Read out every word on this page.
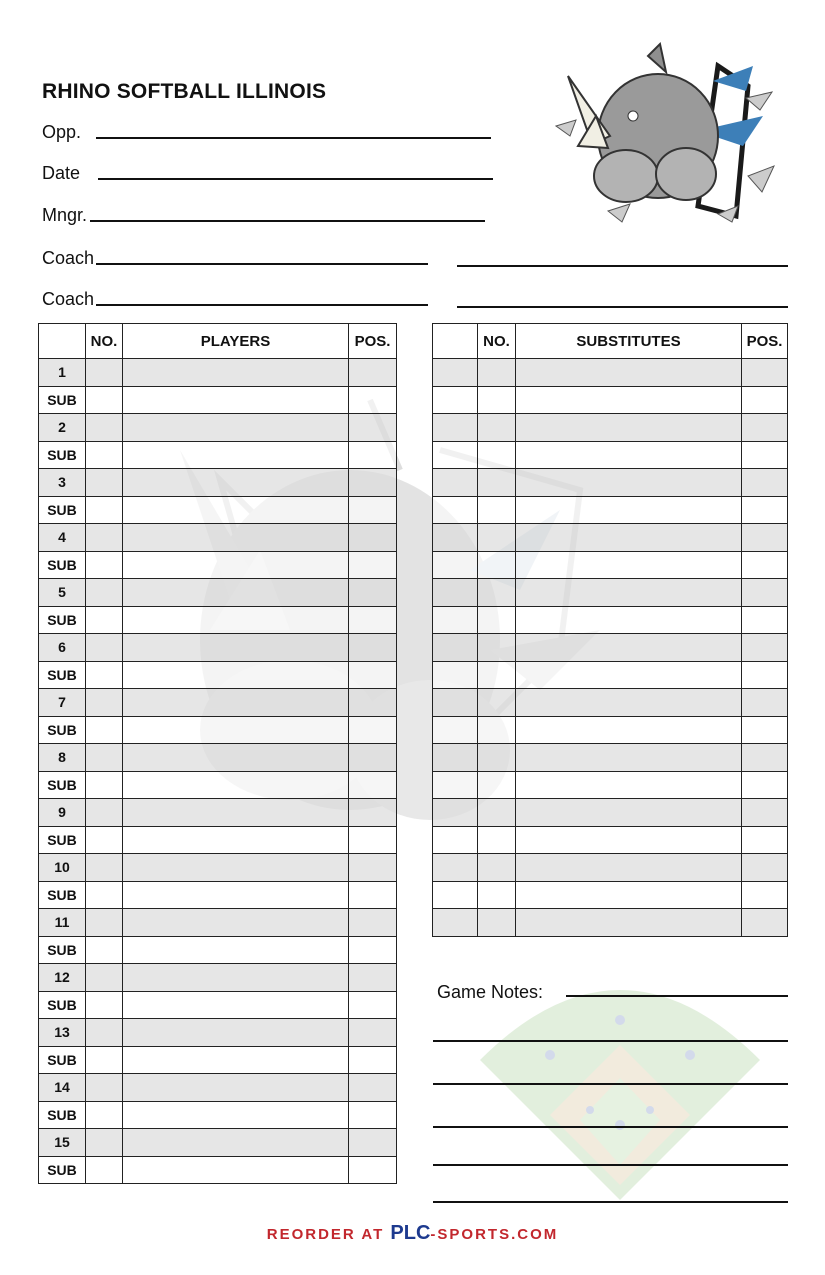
RHINO SOFTBALL ILLINOIS
Opp.
Date
Mngr.
Coach
Coach
	NO.	PLAYERS	POS.
1			
SUB			
2			
SUB			
3			
SUB			
4			
SUB			
5			
SUB			
6			
SUB			
7			
SUB			
8			
SUB			
9			
SUB			
10			
SUB			
11			
SUB			
12			
SUB			
13			
SUB			
14			
SUB			
15			
SUB			
	NO.	SUBSTITUTES	POS.

Game Notes:
REORDER AT PLC-SPORTS.COM
